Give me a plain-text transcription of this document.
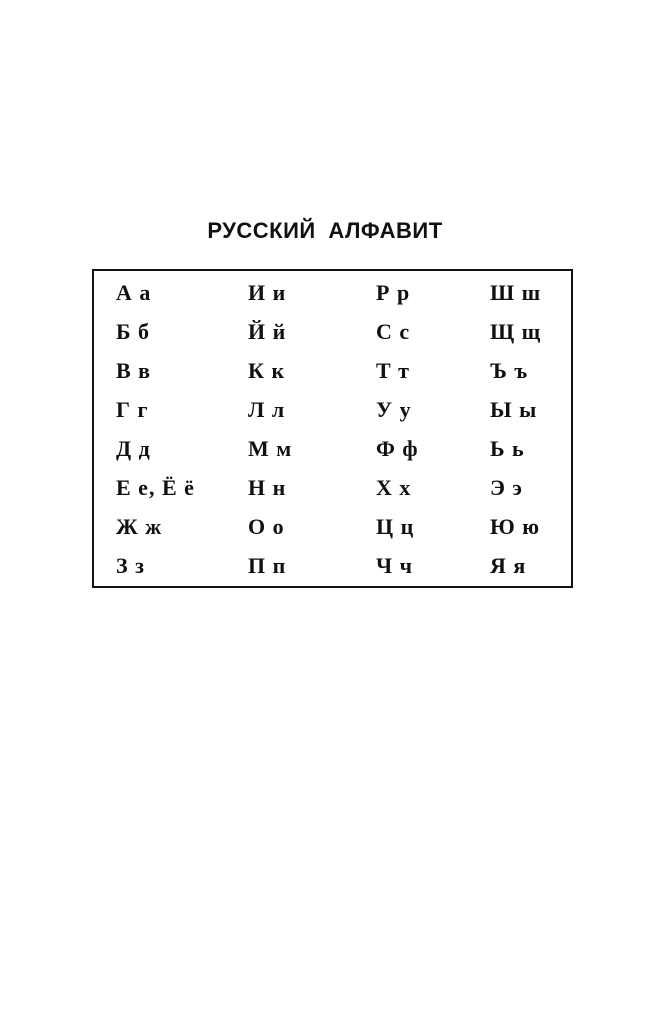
РУССКИЙ АЛФАВИТ
А а
Б б
В в
Г г
Д д
Е е, Ё ё
Ж ж
З з
И и
Й й
К к
Л л
М м
Н н
О о
П п
Р р
С с
Т т
У у
Ф ф
Х х
Ц ц
Ч ч
Ш ш
Щ щ
Ъ ъ
Ы ы
Ь ь
Э э
Ю ю
Я я
